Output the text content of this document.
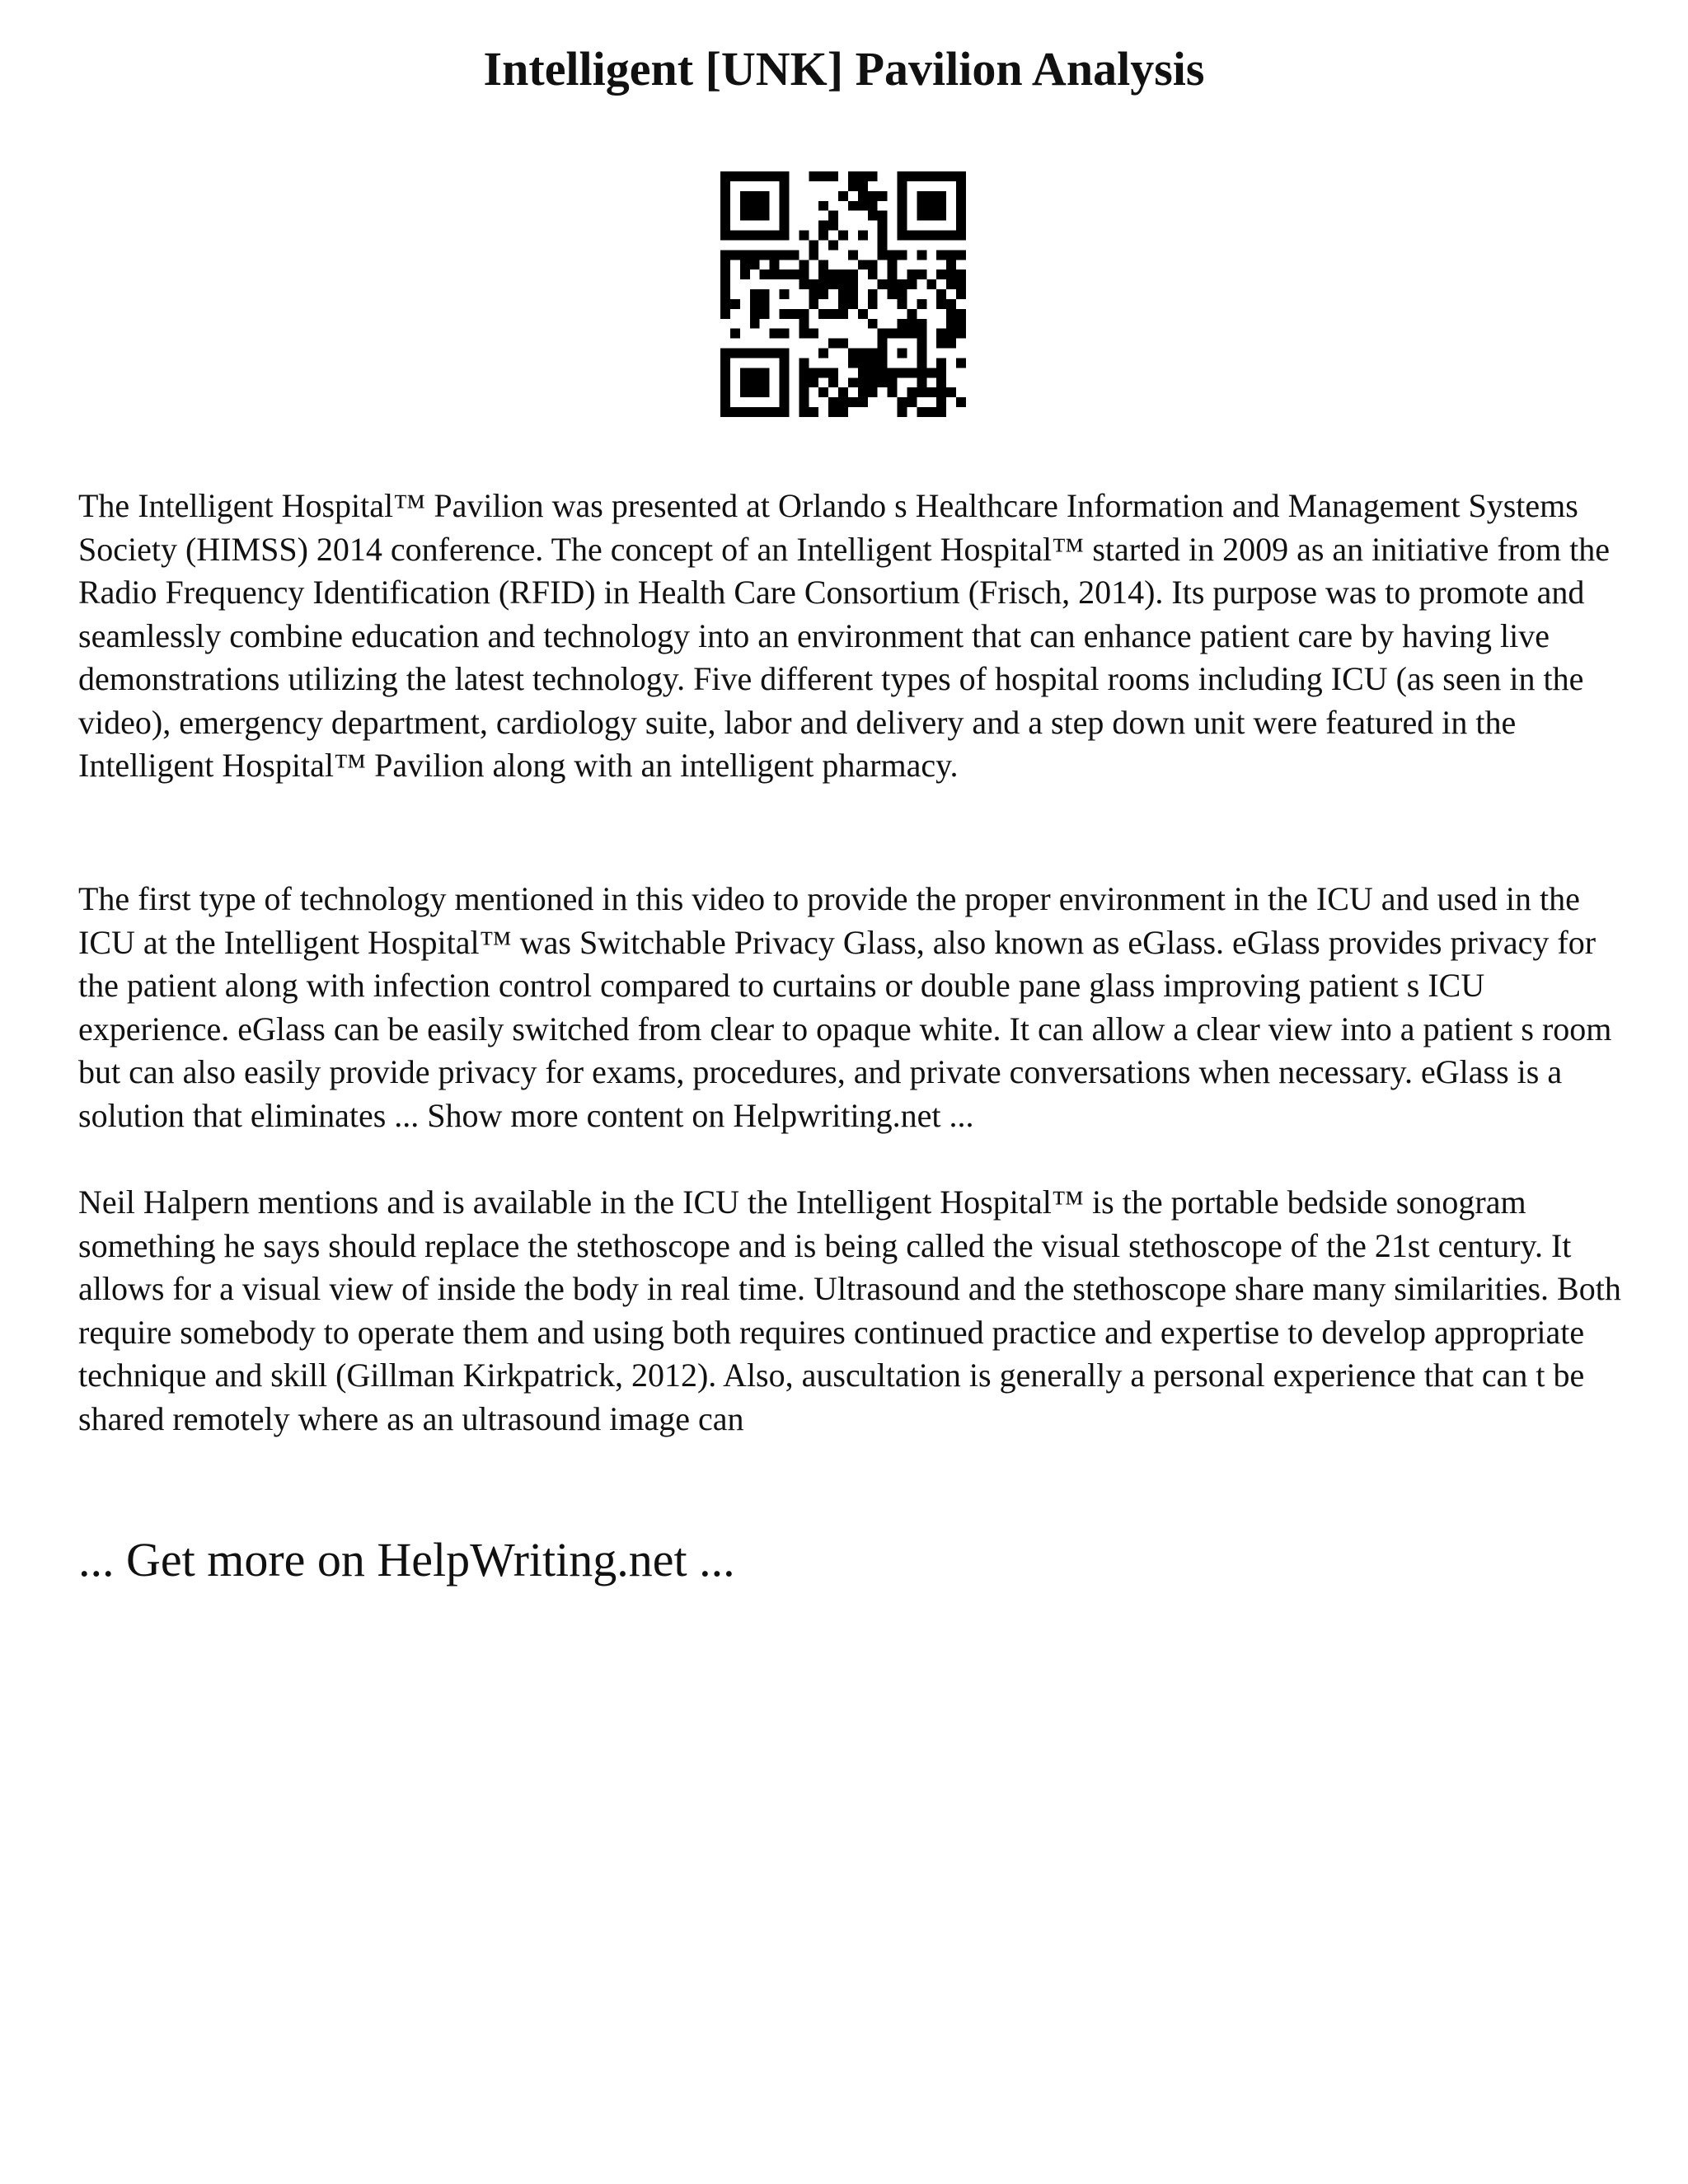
Intelligent [UNK] Pavilion Analysis

The Intelligent Hospital™ Pavilion was presented at Orlando s Healthcare Information and Management Systems Society (HIMSS) 2014 conference. The concept of an Intelligent Hospital™ started in 2009 as an initiative from the Radio Frequency Identification (RFID) in Health Care Consortium (Frisch, 2014). Its purpose was to promote and seamlessly combine education and technology into an environment that can enhance patient care by having live demonstrations utilizing the latest technology. Five different types of hospital rooms including ICU (as seen in the video), emergency department, cardiology suite, labor and delivery and a step down unit were featured in the Intelligent Hospital™ Pavilion along with an intelligent pharmacy.

The first type of technology mentioned in this video to provide the proper environment in the ICU and used in the ICU at the Intelligent Hospital™ was Switchable Privacy Glass, also known as eGlass. eGlass provides privacy for the patient along with infection control compared to curtains or double pane glass improving patient s ICU experience. eGlass can be easily switched from clear to opaque white. It can allow a clear view into a patient s room but can also easily provide privacy for exams, procedures, and private conversations when necessary. eGlass is a solution that eliminates ... Show more content on Helpwriting.net ...

Neil Halpern mentions and is available in the ICU the Intelligent Hospital™ is the portable bedside sonogram something he says should replace the stethoscope and is being called the visual stethoscope of the 21st century. It allows for a visual view of inside the body in real time. Ultrasound and the stethoscope share many similarities. Both require somebody to operate them and using both requires continued practice and expertise to develop appropriate technique and skill (Gillman Kirkpatrick, 2012). Also, auscultation is generally a personal experience that can t be shared remotely where as an ultrasound image can

... Get more on HelpWriting.net ...
